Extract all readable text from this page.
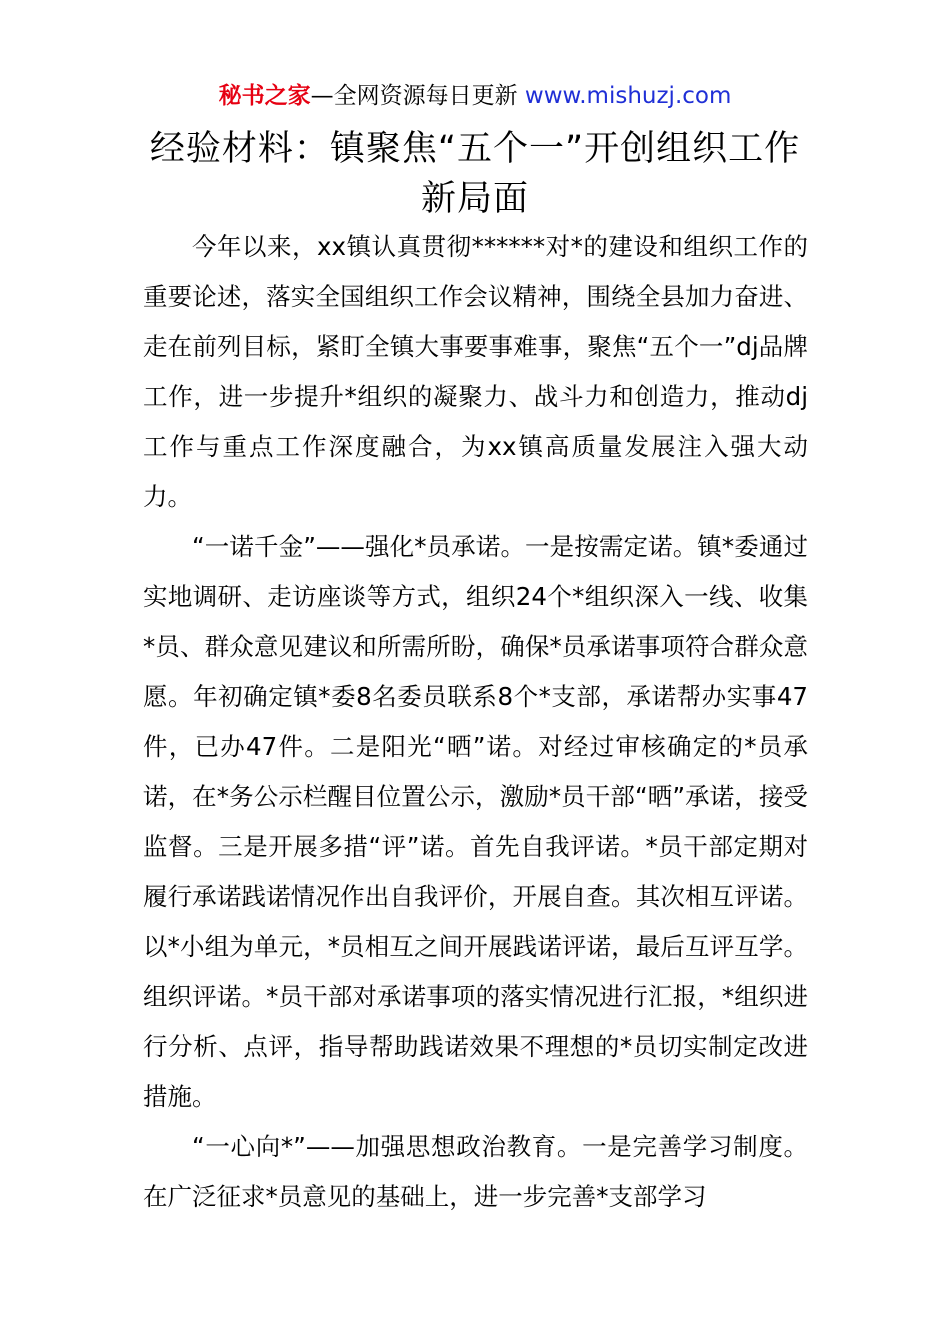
秘书之家—全网资源每日更新 www.mishuzj.com
经验材料：镇聚焦“五个一”开创组织工作新局面

今年以来，xx镇认真贯彻******对*的建设和组织工作的重要论述，落实全国组织工作会议精神，围绕全县加力奋进、走在前列目标，紧盯全镇大事要事难事，聚焦“五个一”dj品牌工作，进一步提升*组织的凝聚力、战斗力和创造力，推动dj工作与重点工作深度融合，为xx镇高质量发展注入强大动力。

“一诺千金”——强化*员承诺。一是按需定诺。镇*委通过实地调研、走访座谈等方式，组织24个*组织深入一线、收集*员、群众意见建议和所需所盼，确保*员承诺事项符合群众意愿。年初确定镇*委8名委员联系8个*支部，承诺帮办实事47件，已办47件。二是阳光“晒”诺。对经过审核确定的*员承诺，在*务公示栏醒目位置公示，激励*员干部“晒”承诺，接受监督。三是开展多措“评”诺。首先自我评诺。*员干部定期对履行承诺践诺情况作出自我评价，开展自查。其次相互评诺。以*小组为单元，*员相互之间开展践诺评诺，最后互评互学。组织评诺。*员干部对承诺事项的落实情况进行汇报，*组织进行分析、点评，指导帮助践诺效果不理想的*员切实制定改进措施。

“一心向*”——加强思想政治教育。一是完善学习制度。在广泛征求*员意见的基础上，进一步完善*支部学习
